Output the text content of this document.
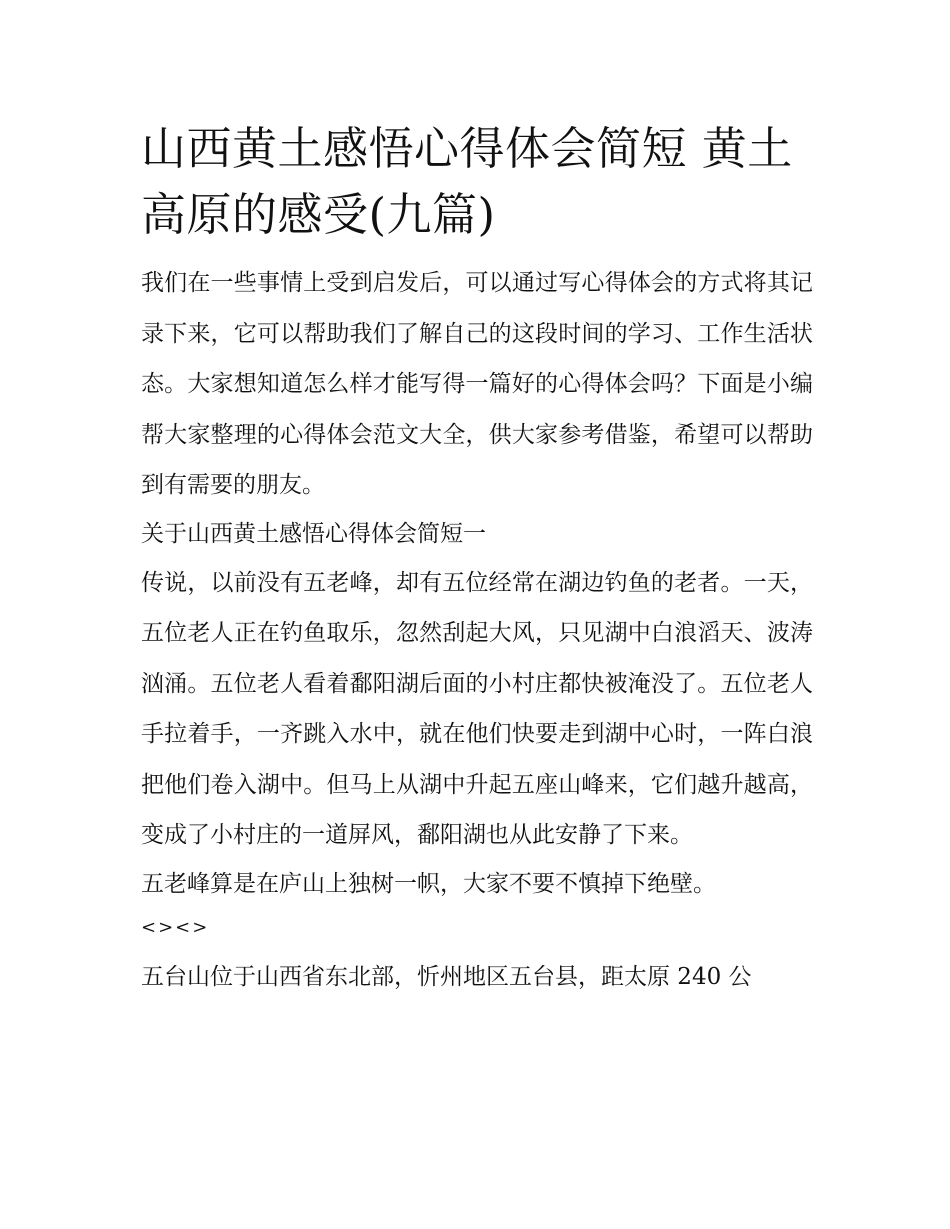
山西黄土感悟心得体会简短 黄土高原的感受(九篇)

我们在一些事情上受到启发后，可以通过写心得体会的方式将其记录下来，它可以帮助我们了解自己的这段时间的学习、工作生活状态。大家想知道怎么样才能写得一篇好的心得体会吗？下面是小编帮大家整理的心得体会范文大全，供大家参考借鉴，希望可以帮助到有需要的朋友。

关于山西黄土感悟心得体会简短一

传说，以前没有五老峰，却有五位经常在湖边钓鱼的老者。一天，五位老人正在钓鱼取乐，忽然刮起大风，只见湖中白浪滔天、波涛汹涌。五位老人看着鄱阳湖后面的小村庄都快被淹没了。五位老人手拉着手，一齐跳入水中，就在他们快要走到湖中心时，一阵白浪把他们卷入湖中。但马上从湖中升起五座山峰来，它们越升越高，变成了小村庄的一道屏风，鄱阳湖也从此安静了下来。

五老峰算是在庐山上独树一帜，大家不要不慎掉下绝壁。

<><>

五台山位于山西省东北部，忻州地区五台县，距太原 240 公
